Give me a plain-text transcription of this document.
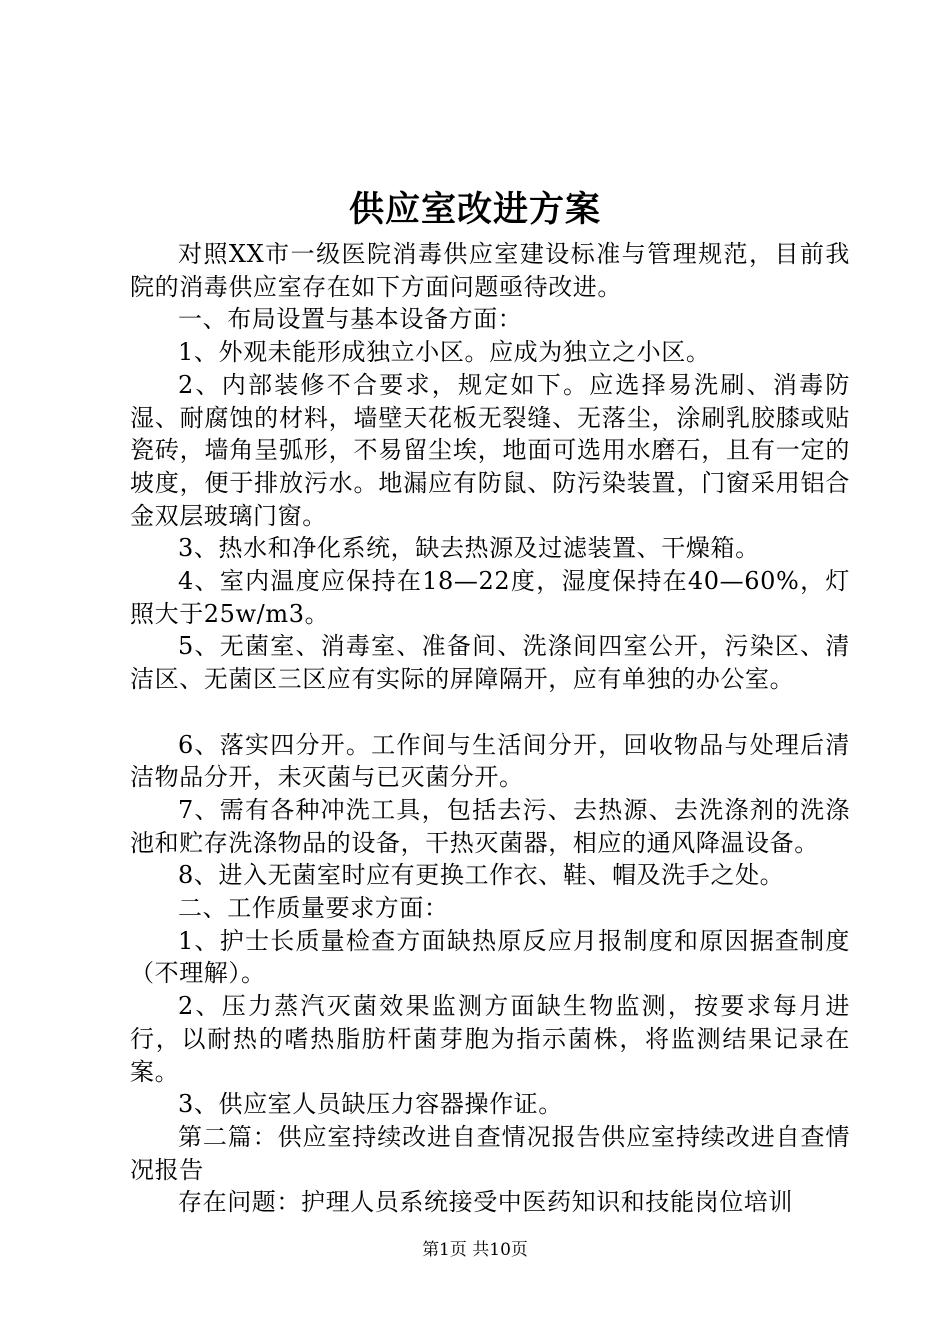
供应室改进方案

对照XX市一级医院消毒供应室建设标准与管理规范，目前我院的消毒供应室存在如下方面问题亟待改进。

一、布局设置与基本设备方面：

1、外观未能形成独立小区。应成为独立之小区。

2、内部装修不合要求，规定如下。应选择易洗刷、消毒防湿、耐腐蚀的材料，墙壁天花板无裂缝、无落尘，涂刷乳胶膝或贴瓷砖，墙角呈弧形，不易留尘埃，地面可选用水磨石，且有一定的坡度，便于排放污水。地漏应有防鼠、防污染装置，门窗采用铝合金双层玻璃门窗。

3、热水和净化系统，缺去热源及过滤装置、干燥箱。

4、室内温度应保持在18—22度，湿度保持在40—60%，灯照大于25w/m3。

5、无菌室、消毒室、准备间、洗涤间四室公开，污染区、清洁区、无菌区三区应有实际的屏障隔开，应有单独的办公室。

6、落实四分开。工作间与生活间分开，回收物品与处理后清洁物品分开，未灭菌与已灭菌分开。

7、需有各种冲洗工具，包括去污、去热源、去洗涤剂的洗涤池和贮存洗涤物品的设备，干热灭菌器，相应的通风降温设备。

8、进入无菌室时应有更换工作衣、鞋、帽及洗手之处。

二、工作质量要求方面：

1、护士长质量检查方面缺热原反应月报制度和原因据查制度（不理解）。

2、压力蒸汽灭菌效果监测方面缺生物监测，按要求每月进行，以耐热的嗜热脂肪杆菌芽胞为指示菌株，将监测结果记录在案。

3、供应室人员缺压力容器操作证。

第二篇：供应室持续改进自查情况报告供应室持续改进自查情况报告

存在问题：护理人员系统接受中医药知识和技能岗位培训

第1页 共10页
